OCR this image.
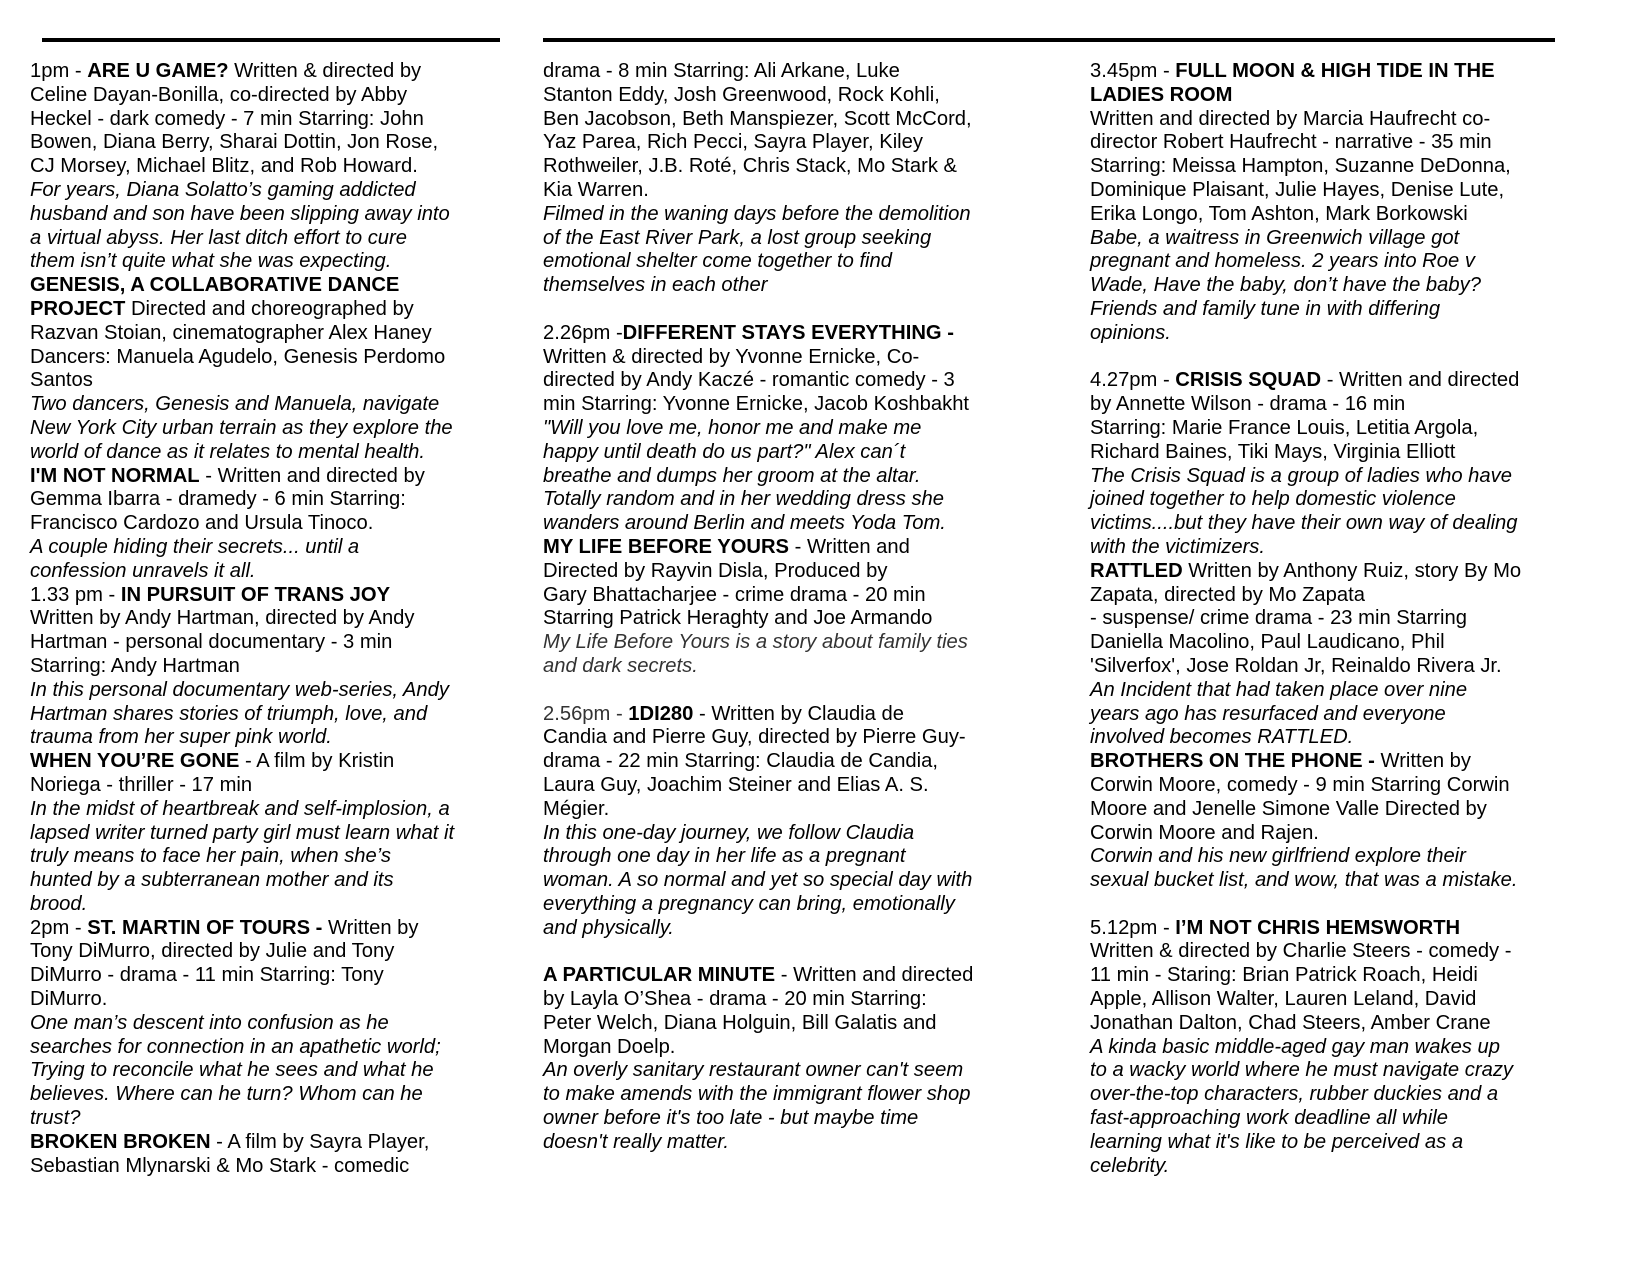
1pm - ARE U GAME? Written & directed by
Celine Dayan-Bonilla, co-directed by Abby
Heckel - dark comedy - 7 min Starring: John
Bowen, Diana Berry, Sharai Dottin, Jon Rose,
CJ Morsey, Michael Blitz, and Rob Howard.
For years, Diana Solatto’s gaming addicted
husband and son have been slipping away into
a virtual abyss. Her last ditch effort to cure
them isn’t quite what she was expecting.
GENESIS, A COLLABORATIVE DANCE
PROJECT Directed and choreographed by
Razvan Stoian, cinematographer Alex Haney
Dancers: Manuela Agudelo, Genesis Perdomo
Santos
Two dancers, Genesis and Manuela, navigate
New York City urban terrain as they explore the
world of dance as it relates to mental health.
I'M NOT NORMAL - Written and directed by
Gemma Ibarra - dramedy - 6 min Starring:
Francisco Cardozo and Ursula Tinoco.
A couple hiding their secrets... until a
confession unravels it all.
1.33 pm - IN PURSUIT OF TRANS JOY
Written by Andy Hartman, directed by Andy
Hartman - personal documentary - 3 min
Starring: Andy Hartman
In this personal documentary web-series, Andy
Hartman shares stories of triumph, love, and
trauma from her super pink world.
WHEN YOU’RE GONE - A film by Kristin
Noriega - thriller - 17 min
In the midst of heartbreak and self-implosion, a
lapsed writer turned party girl must learn what it
truly means to face her pain, when she’s
hunted by a subterranean mother and its
brood.
2pm - ST. MARTIN OF TOURS - Written by
Tony DiMurro, directed by Julie and Tony
DiMurro - drama - 11 min Starring: Tony
DiMurro.
One man’s descent into confusion as he
searches for connection in an apathetic world;
Trying to reconcile what he sees and what he
believes. Where can he turn? Whom can he
trust?
BROKEN BROKEN - A film by Sayra Player,
Sebastian Mlynarski & Mo Stark - comedic
drama - 8 min Starring: Ali Arkane, Luke
Stanton Eddy, Josh Greenwood, Rock Kohli,
Ben Jacobson, Beth Manspiezer, Scott McCord,
Yaz Parea, Rich Pecci, Sayra Player, Kiley
Rothweiler, J.B. Roté, Chris Stack, Mo Stark &
Kia Warren.
Filmed in the waning days before the demolition
of the East River Park, a lost group seeking
emotional shelter come together to find
themselves in each other
2.26pm -DIFFERENT STAYS EVERYTHING -
Written & directed by Yvonne Ernicke, Co-
directed by Andy Kaczé - romantic comedy - 3
min Starring: Yvonne Ernicke, Jacob Koshbakht
"Will you love me, honor me and make me
happy until death do us part?" Alex can´t
breathe and dumps her groom at the altar.
Totally random and in her wedding dress she
wanders around Berlin and meets Yoda Tom.
MY LIFE BEFORE YOURS - Written and
Directed by Rayvin Disla, Produced by
Gary Bhattacharjee - crime drama - 20 min
Starring Patrick Heraghty and Joe Armando
My Life Before Yours is a story about family ties
and dark secrets.
2.56pm - 1DI280 - Written by Claudia de
Candia and Pierre Guy, directed by Pierre Guy-
drama - 22 min Starring: Claudia de Candia,
Laura Guy, Joachim Steiner and Elias A. S.
Mégier.
In this one-day journey, we follow Claudia
through one day in her life as a pregnant
woman. A so normal and yet so special day with
everything a pregnancy can bring, emotionally
and physically.
A PARTICULAR MINUTE - Written and directed
by Layla O’Shea - drama - 20 min Starring:
Peter Welch, Diana Holguin, Bill Galatis and
Morgan Doelp.
An overly sanitary restaurant owner can't seem
to make amends with the immigrant flower shop
owner before it's too late - but maybe time
doesn't really matter.
3.45pm - FULL MOON & HIGH TIDE IN THE
LADIES ROOM
Written and directed by Marcia Haufrecht co-
director Robert Haufrecht - narrative - 35 min
Starring: Meissa Hampton, Suzanne DeDonna,
Dominique Plaisant, Julie Hayes, Denise Lute,
Erika Longo, Tom Ashton, Mark Borkowski
Babe, a waitress in Greenwich village got
pregnant and homeless. 2 years into Roe v
Wade, Have the baby, don’t have the baby?
Friends and family tune in with differing
opinions.
4.27pm - CRISIS SQUAD - Written and directed
by Annette Wilson - drama - 16 min
Starring: Marie France Louis, Letitia Argola,
Richard Baines, Tiki Mays, Virginia Elliott
The Crisis Squad is a group of ladies who have
joined together to help domestic violence
victims....but they have their own way of dealing
with the victimizers.
RATTLED Written by Anthony Ruiz, story By Mo
Zapata, directed by Mo Zapata
- suspense/ crime drama - 23 min Starring
Daniella Macolino, Paul Laudicano, Phil
'Silverfox', Jose Roldan Jr, Reinaldo Rivera Jr.
An Incident that had taken place over nine
years ago has resurfaced and everyone
involved becomes RATTLED.
BROTHERS ON THE PHONE - Written by
Corwin Moore, comedy - 9 min Starring Corwin
Moore and Jenelle Simone Valle Directed by
Corwin Moore and Rajen.
Corwin and his new girlfriend explore their
sexual bucket list, and wow, that was a mistake.
5.12pm - I’M NOT CHRIS HEMSWORTH
Written & directed by Charlie Steers - comedy -
11 min - Staring: Brian Patrick Roach, Heidi
Apple, Allison Walter, Lauren Leland, David
Jonathan Dalton, Chad Steers, Amber Crane
A kinda basic middle-aged gay man wakes up
to a wacky world where he must navigate crazy
over-the-top characters, rubber duckies and a
fast-approaching work deadline all while
learning what it's like to be perceived as a
celebrity.
